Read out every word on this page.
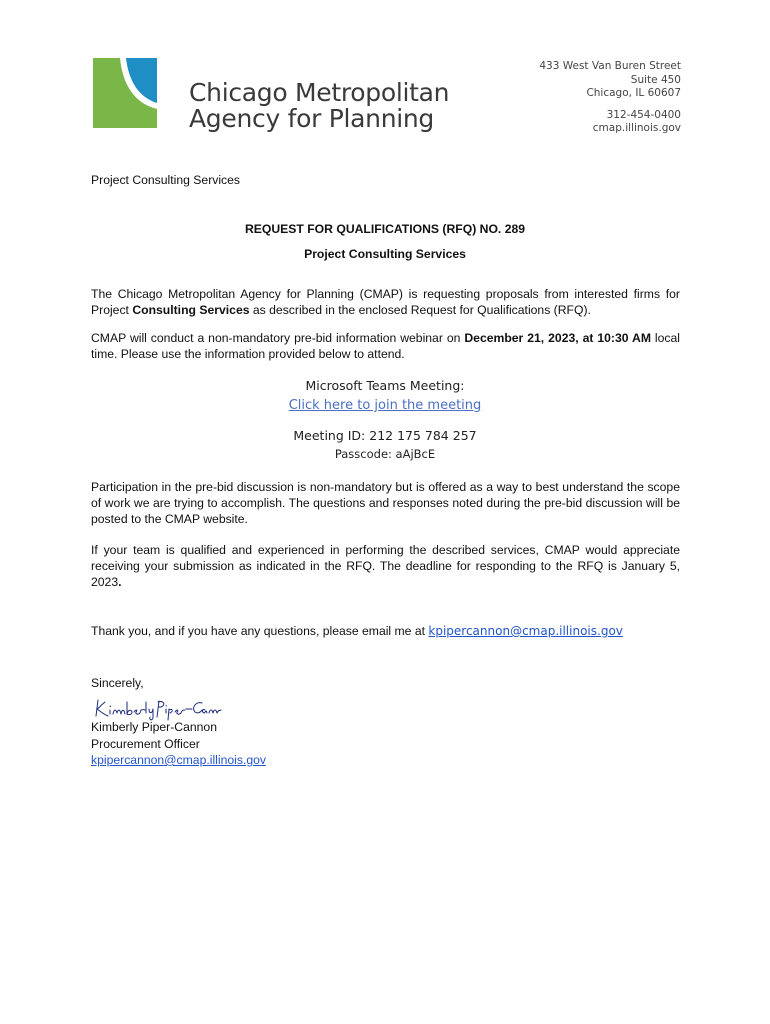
Chicago Metropolitan
Agency for Planning
433 West Van Buren Street
Suite 450
Chicago, IL 60607
312-454-0400
cmap.illinois.gov
Project Consulting Services
REQUEST FOR QUALIFICATIONS (RFQ) NO. 289
Project Consulting Services
The Chicago Metropolitan Agency for Planning (CMAP) is requesting proposals from interested firms for Project Consulting Services as described in the enclosed Request for Qualifications (RFQ).
CMAP will conduct a non-mandatory pre-bid information webinar on December 21, 2023, at 10:30 AM local time. Please use the information provided below to attend.
Microsoft Teams Meeting:
Click here to join the meeting
Meeting ID: 212 175 784 257
Passcode: aAjBcE
Participation in the pre-bid discussion is non-mandatory but is offered as a way to best understand the scope of work we are trying to accomplish. The questions and responses noted during the pre-bid discussion will be posted to the CMAP website.
If your team is qualified and experienced in performing the described services, CMAP would appreciate receiving your submission as indicated in the RFQ. The deadline for responding to the RFQ is January 5, 2023.
Thank you, and if you have any questions, please email me at kpipercannon@cmap.illinois.gov
Sincerely,
Kimberly Piper-Cannon
Procurement Officer
kpipercannon@cmap.illinois.gov
